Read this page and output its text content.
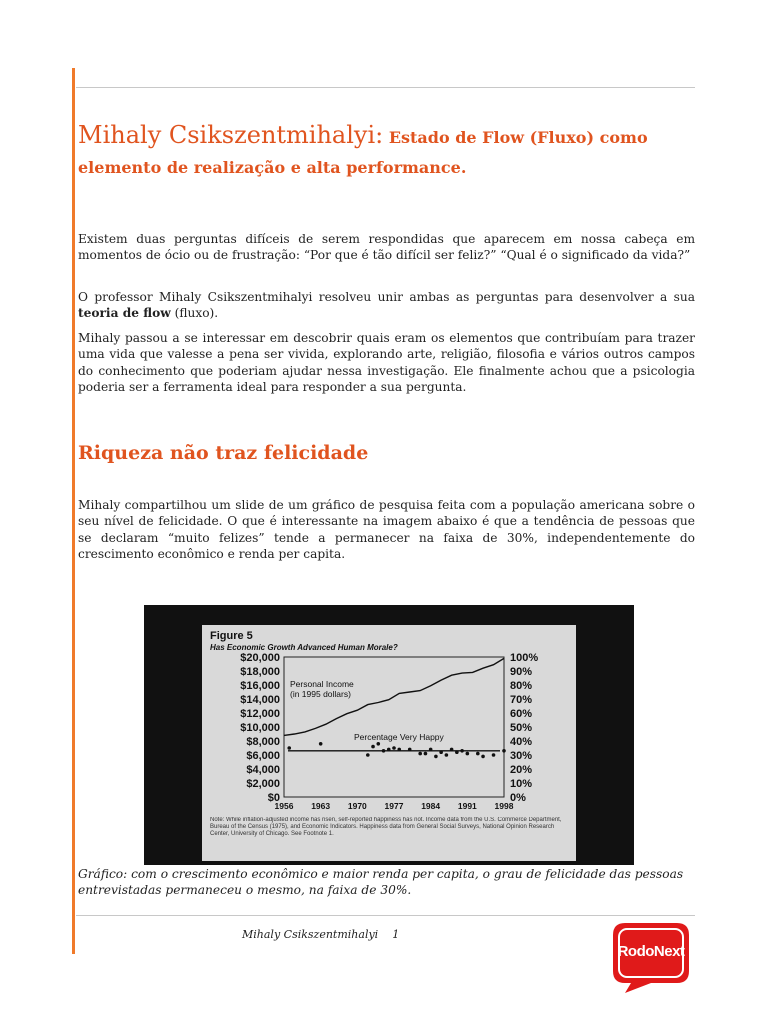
Mihaly Csikszentmihalyi: Estado de Flow (Fluxo) como elemento de realização e alta performance.
Existem duas perguntas difíceis de serem respondidas que aparecem em nossa cabeça em momentos de ócio ou de frustração: “Por que é tão difícil ser feliz?” “Qual é o significado da vida?”
O professor Mihaly Csikszentmihalyi resolveu unir ambas as perguntas para desenvolver a sua teoria de flow (fluxo).
Mihaly passou a se interessar em descobrir quais eram os elementos que contribuíam para trazer uma vida que valesse a pena ser vivida, explorando arte, religião, filosofia e vários outros campos do conhecimento que poderiam ajudar nessa investigação. Ele finalmente achou que a psicologia poderia ser a ferramenta ideal para responder a sua pergunta.
Riqueza não traz felicidade
Mihaly compartilhou um slide de um gráfico de pesquisa feita com a população americana sobre o seu nível de felicidade. O que é interessante na imagem abaixo é que a tendência de pessoas que se declaram “muito felizes” tende a permanecer na faixa de 30%, independentemente do crescimento econômico e renda per capita.
Figure 5
Has Economic Growth Advanced Human Morale?
$20,000
$18,000
$16,000
$14,000
$12,000
$10,000
$8,000
$6,000
$4,000
$2,000
$0
100%
90%
80%
70%
60%
50%
40%
30%
20%
10%
0%
1956 1963 1970 1977 1984 1991 1998
Personal Income
(in 1995 dollars)
Percentage Very Happy
Note: While inflation-adjusted income has risen, self-reported happiness has not. Income data from the U.S. Commerce Department, Bureau of the Census (1975), and Economic Indicators. Happiness data from General Social Surveys, National Opinion Research Center, University of Chicago. See Footnote 1.
Gráfico: com o crescimento econômico e maior renda per capita, o grau de felicidade das pessoas entrevistadas permaneceu o mesmo, na faixa de 30%.
Mihaly Csikszentmihalyi 1
RodoNext
